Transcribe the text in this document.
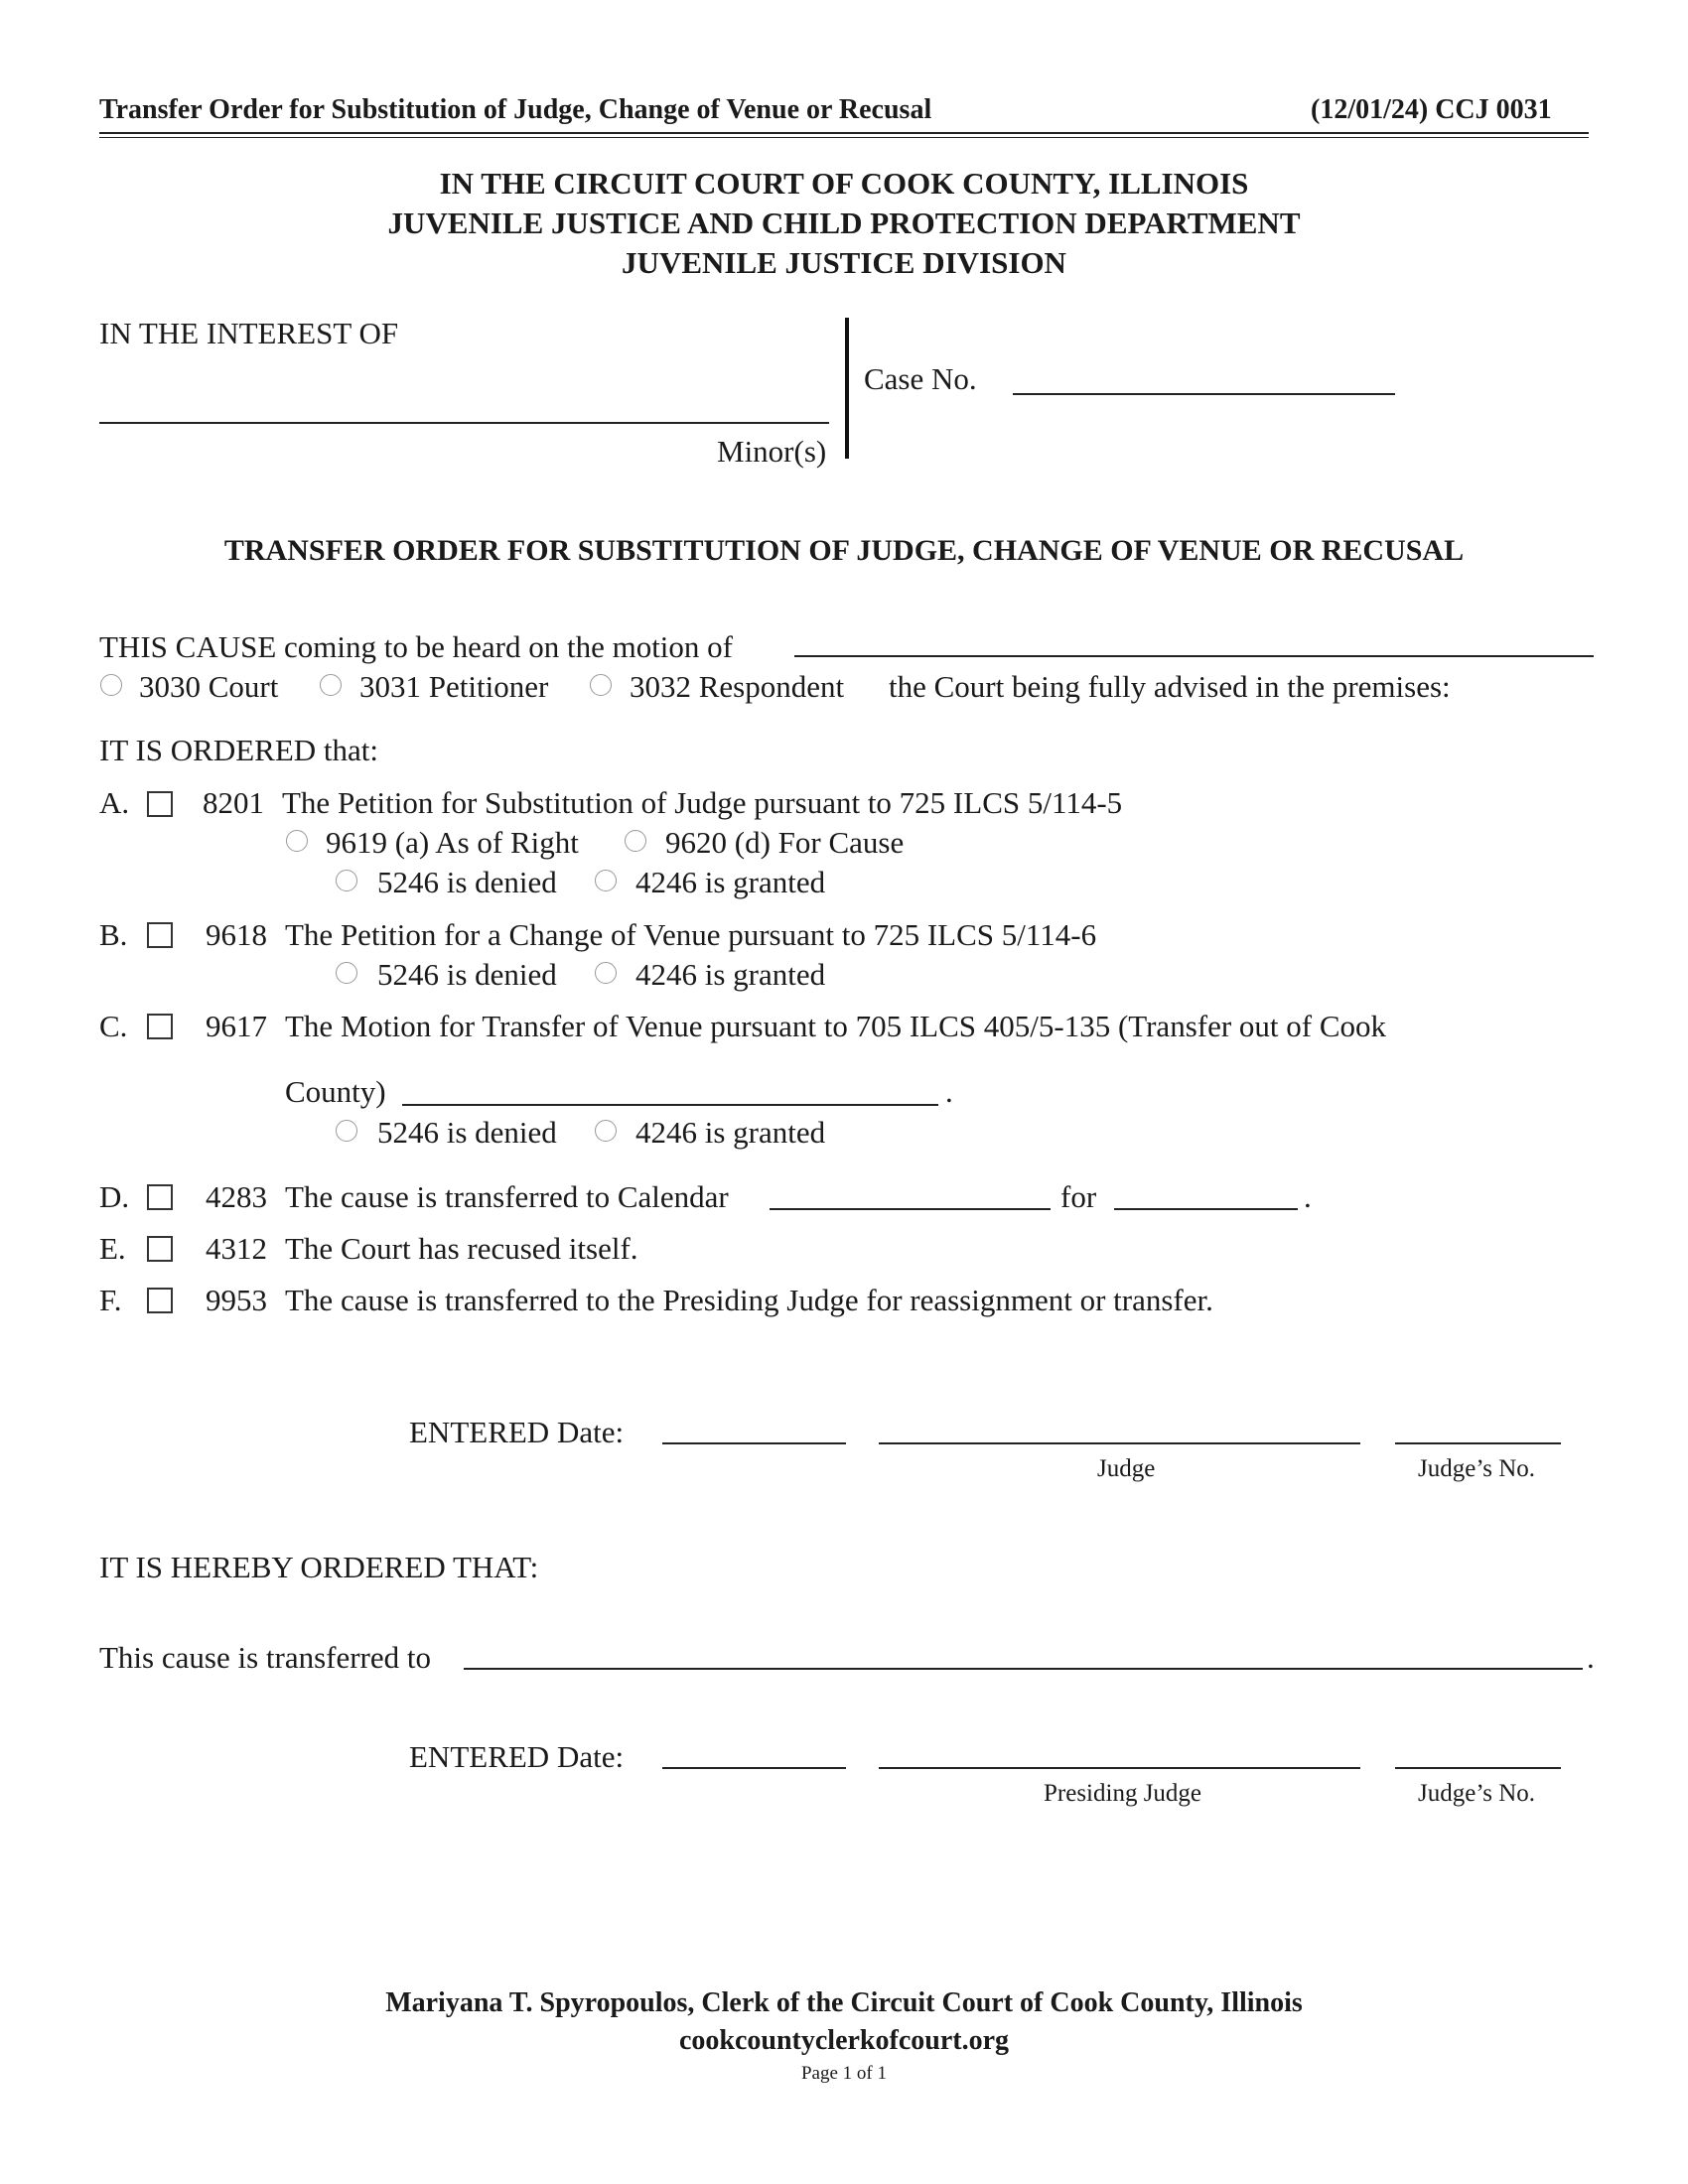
Transfer Order for Substitution of Judge, Change of Venue or Recusal	(12/01/24) CCJ 0031
IN THE CIRCUIT COURT OF COOK COUNTY, ILLINOIS
JUVENILE JUSTICE AND CHILD PROTECTION DEPARTMENT
JUVENILE JUSTICE DIVISION
IN THE INTEREST OF
Minor(s)
Case No.
TRANSFER ORDER FOR SUBSTITUTION OF JUDGE, CHANGE OF VENUE OR RECUSAL
THIS CAUSE coming to be heard on the motion of
3030 Court	3031 Petitioner	3032 Respondent the Court being fully advised in the premises:
IT IS ORDERED that:
A. 8201 The Petition for Substitution of Judge pursuant to 725 ILCS 5/114-5
9619 (a) As of Right	9620 (d) For Cause
5246 is denied	4246 is granted
B.	9618 The Petition for a Change of Venue pursuant to 725 ILCS 5/114-6
5246 is denied	4246 is granted
C.	9617 The Motion for Transfer of Venue pursuant to 705 ILCS 405/5-135 (Transfer out of Cook
County)	.
5246 is denied	4246 is granted
D. 4283 The cause is transferred to Calendar	for	.
E.	4312 The Court has recused itself.
F.	9953 The cause is transferred to the Presiding Judge for reassignment or transfer.
ENTERED Date:
Judge	Judge’s No.
IT IS HEREBY ORDERED THAT:
This cause is transferred to	.
ENTERED Date:
Presiding Judge	Judge’s No.
Mariyana T. Spyropoulos, Clerk of the Circuit Court of Cook County, Illinois
cookcountyclerkofcourt.org
Page 1 of 1
